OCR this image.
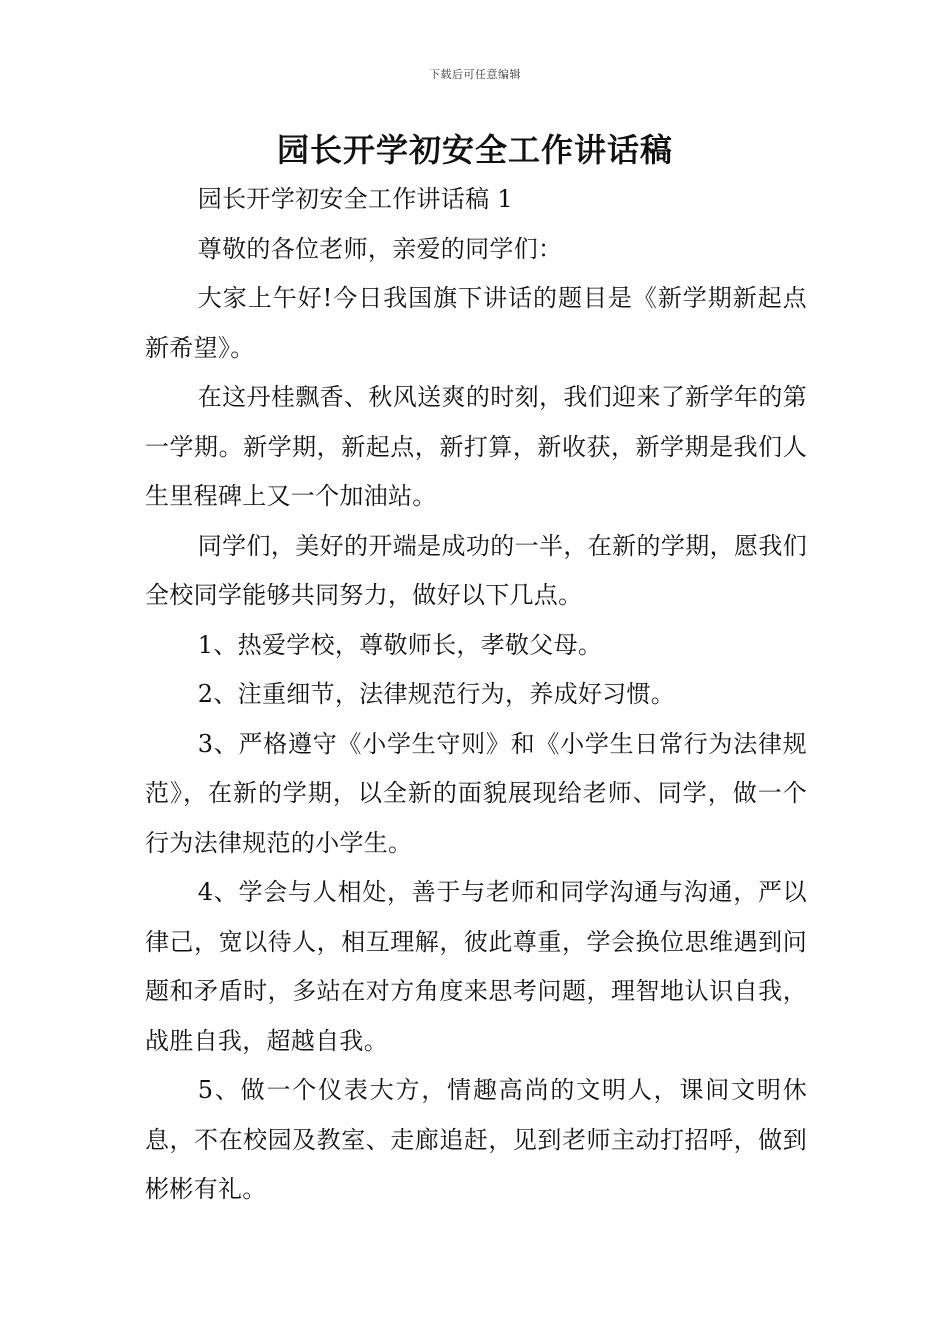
下载后可任意编辑
园长开学初安全工作讲话稿

园长开学初安全工作讲话稿 1

尊敬的各位老师，亲爱的同学们：

大家上午好!今日我国旗下讲话的题目是《新学期新起点新希望》。

在这丹桂飘香、秋风送爽的时刻，我们迎来了新学年的第一学期。新学期，新起点，新打算，新收获，新学期是我们人生里程碑上又一个加油站。

同学们，美好的开端是成功的一半，在新的学期，愿我们全校同学能够共同努力，做好以下几点。

1、热爱学校，尊敬师长，孝敬父母。

2、注重细节，法律规范行为，养成好习惯。

3、严格遵守《小学生守则》和《小学生日常行为法律规范》，在新的学期，以全新的面貌展现给老师、同学，做一个行为法律规范的小学生。

4、学会与人相处，善于与老师和同学沟通与沟通，严以律己，宽以待人，相互理解，彼此尊重，学会换位思维遇到问题和矛盾时，多站在对方角度来思考问题，理智地认识自我，战胜自我，超越自我。

5、做一个仪表大方，情趣高尚的文明人，课间文明休息，不在校园及教室、走廊追赶，见到老师主动打招呼，做到彬彬有礼。
